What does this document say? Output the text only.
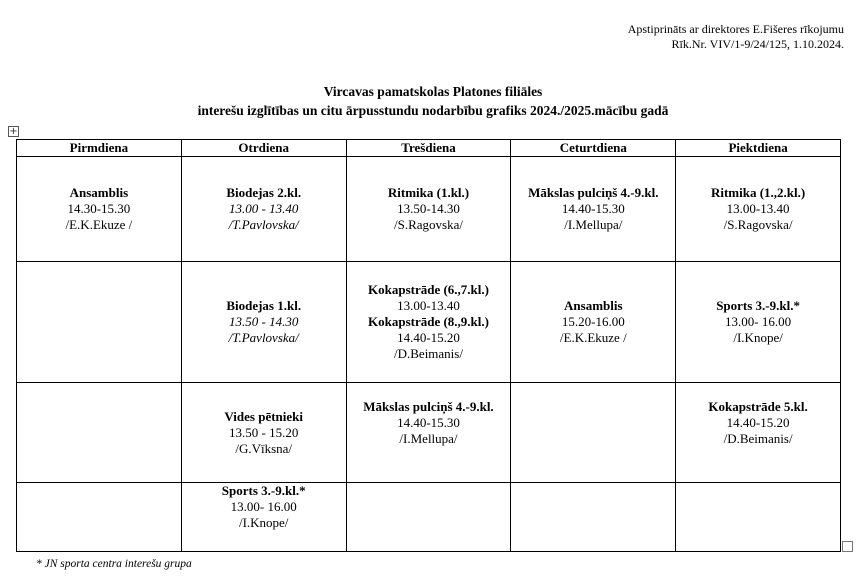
Apstiprināts ar direktores E.Fišeres rīkojumu
Rīk.Nr. VIV/1-9/24/125, 1.10.2024.
Vircavas pamatskolas Platones filiāles
interešu izglītības un citu ārpusstundu nodarbību grafiks 2024./2025.mācību gadā
+
Pirmdiena	Otrdiena	Trešdiena	Ceturtdiena	Piektdiena

Ansamblis
14.30-15.30
/E.K.Ekuze /	Biodejas 2.kl.
13.00 - 13.40
/T.Pavlovska/	Ritmika (1.kl.)
13.50-14.30
/S.Ragovska/	Mākslas pulciņš 4.-9.kl.
14.40-15.30
/I.Mellupa/	Ritmika (1.,2.kl.)
13.00-13.40
/S.Ragovska/

	Biodejas 1.kl.
13.50 - 14.30
/T.Pavlovska/	Kokapstrāde (6.,7.kl.)
13.00-13.40
Kokapstrāde (8.,9.kl.)
14.40-15.20
/D.Beimanis/	Ansamblis
15.20-16.00
/E.K.Ekuze /	Sports 3.-9.kl.*
13.00- 16.00
/I.Knope/

	Vides pētnieki
13.50 - 15.20
/G.Vīksna/	Mākslas pulciņš 4.-9.kl.
14.40-15.30
/I.Mellupa/		Kokapstrāde 5.kl.
14.40-15.20
/D.Beimanis/

	Sports 3.-9.kl.*
13.00- 16.00
/I.Knope/			

* JN sporta centra interešu grupa
